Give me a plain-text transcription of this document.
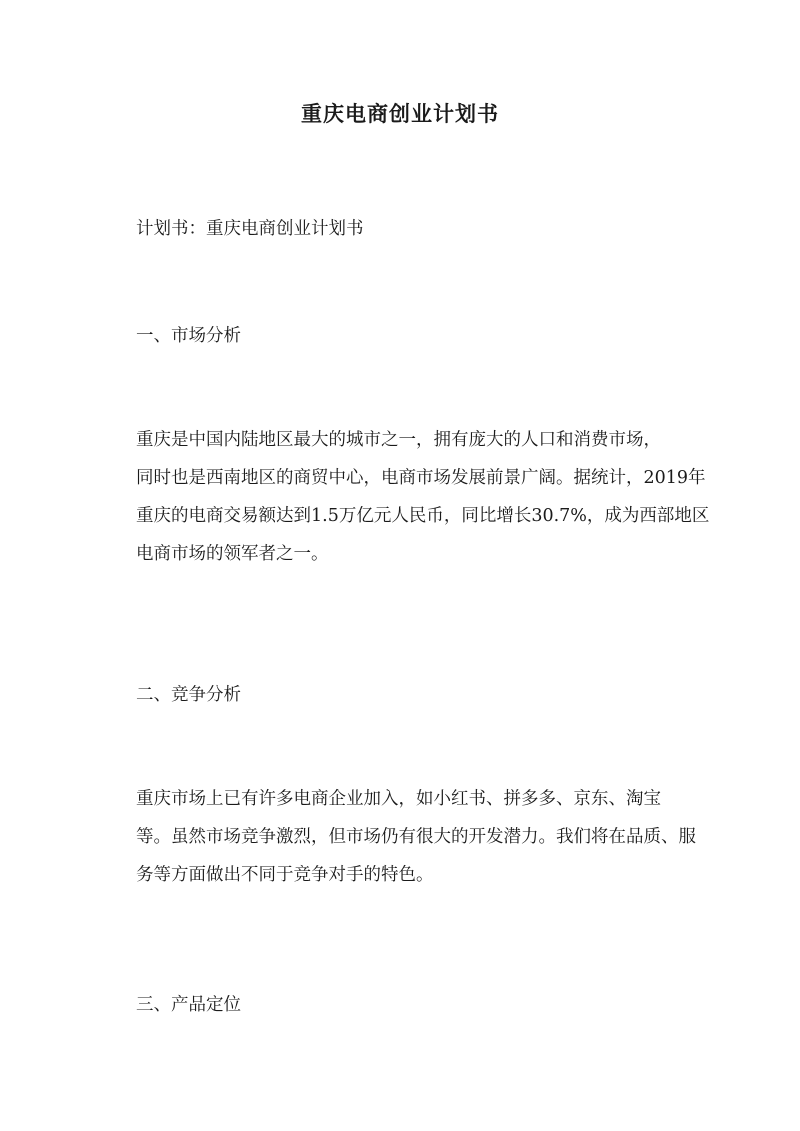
重庆电商创业计划书
计划书：重庆电商创业计划书
一、市场分析
重庆是中国内陆地区最大的城市之一，拥有庞大的人口和消费市场，
同时也是西南地区的商贸中心，电商市场发展前景广阔。据统计，2019年
重庆的电商交易额达到1.5万亿元人民币，同比增长30.7%，成为西部地区
电商市场的领军者之一。
二、竞争分析
重庆市场上已有许多电商企业加入，如小红书、拼多多、京东、淘宝
等。虽然市场竞争激烈，但市场仍有很大的开发潜力。我们将在品质、服
务等方面做出不同于竞争对手的特色。
三、产品定位
